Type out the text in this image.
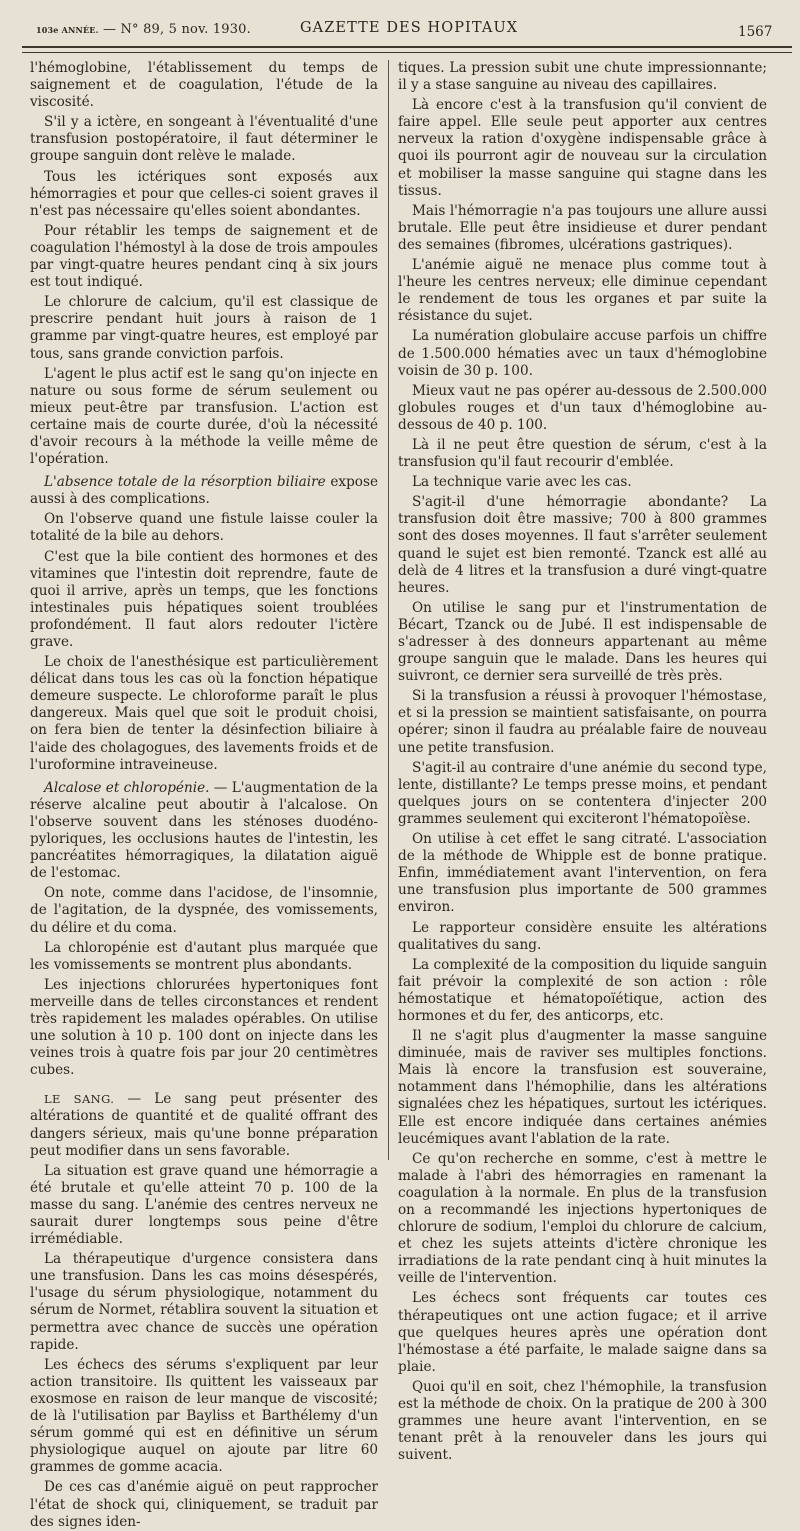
103e ANNÉE. — N° 89, 5 nov. 1930.	GAZETTE DES HOPITAUX	1567

l'hémoglobine, l'établissement du temps de saignement et de coagulation, l'étude de la viscosité.

S'il y a ictère, en songeant à l'éventualité d'une transfusion postopératoire, il faut déterminer le groupe sanguin dont relève le malade.

Tous les ictériques sont exposés aux hémorragies et pour que celles-ci soient graves il n'est pas nécessaire qu'elles soient abondantes.

Pour rétablir les temps de saignement et de coagulation l'hémostyl à la dose de trois ampoules par vingt-quatre heures pendant cinq à six jours est tout indiqué.

Le chlorure de calcium, qu'il est classique de prescrire pendant huit jours à raison de 1 gramme par vingt-quatre heures, est employé par tous, sans grande conviction parfois.

L'agent le plus actif est le sang qu'on injecte en nature ou sous forme de sérum seulement ou mieux peut-être par transfusion. L'action est certaine mais de courte durée, d'où la nécessité d'avoir recours à la méthode la veille même de l'opération.

L'absence totale de la résorption biliaire expose aussi à des complications.

On l'observe quand une fistule laisse couler la totalité de la bile au dehors.

C'est que la bile contient des hormones et des vitamines que l'intestin doit reprendre, faute de quoi il arrive, après un temps, que les fonctions intestinales puis hépatiques soient troublées profondément. Il faut alors redouter l'ictère grave.

Le choix de l'anesthésique est particulièrement délicat dans tous les cas où la fonction hépatique demeure suspecte. Le chloroforme paraît le plus dangereux. Mais quel que soit le produit choisi, on fera bien de tenter la désinfection biliaire à l'aide des cholagogues, des lavements froids et de l'uroformine intraveineuse.

Alcalose et chloropénie. — L'augmentation de la réserve alcaline peut aboutir à l'alcalose. On l'observe souvent dans les sténoses duodéno-pyloriques, les occlusions hautes de l'intestin, les pancréatites hémorragiques, la dilatation aiguë de l'estomac.

On note, comme dans l'acidose, de l'insomnie, de l'agitation, de la dyspnée, des vomissements, du délire et du coma.

La chloropénie est d'autant plus marquée que les vomissements se montrent plus abondants.

Les injections chlorurées hypertoniques font merveille dans de telles circonstances et rendent très rapidement les malades opérables. On utilise une solution à 10 p. 100 dont on injecte dans les veines trois à quatre fois par jour 20 centimètres cubes.

LE SANG. — Le sang peut présenter des altérations de quantité et de qualité offrant des dangers sérieux, mais qu'une bonne préparation peut modifier dans un sens favorable.

La situation est grave quand une hémorragie a été brutale et qu'elle atteint 70 p. 100 de la masse du sang. L'anémie des centres nerveux ne saurait durer longtemps sous peine d'être irrémédiable.

La thérapeutique d'urgence consistera dans une transfusion. Dans les cas moins désespérés, l'usage du sérum physiologique, notamment du sérum de Normet, rétablira souvent la situation et permettra avec chance de succès une opération rapide.

Les échecs des sérums s'expliquent par leur action transitoire. Ils quittent les vaisseaux par exosmose en raison de leur manque de viscosité; de là l'utilisation par Bayliss et Barthélemy d'un sérum gommé qui est en définitive un sérum physiologique auquel on ajoute par litre 60 grammes de gomme acacia.

De ces cas d'anémie aiguë on peut rapprocher l'état de shock qui, cliniquement, se traduit par des signes iden-

tiques. La pression subit une chute impressionnante; il y a stase sanguine au niveau des capillaires.

Là encore c'est à la transfusion qu'il convient de faire appel. Elle seule peut apporter aux centres nerveux la ration d'oxygène indispensable grâce à quoi ils pourront agir de nouveau sur la circulation et mobiliser la masse sanguine qui stagne dans les tissus.

Mais l'hémorragie n'a pas toujours une allure aussi brutale. Elle peut être insidieuse et durer pendant des semaines (fibromes, ulcérations gastriques).

L'anémie aiguë ne menace plus comme tout à l'heure les centres nerveux; elle diminue cependant le rendement de tous les organes et par suite la résistance du sujet.

La numération globulaire accuse parfois un chiffre de 1.500.000 hématies avec un taux d'hémoglobine voisin de 30 p. 100.

Mieux vaut ne pas opérer au-dessous de 2.500.000 globules rouges et d'un taux d'hémoglobine au-dessous de 40 p. 100.

Là il ne peut être question de sérum, c'est à la transfusion qu'il faut recourir d'emblée.

La technique varie avec les cas.

S'agit-il d'une hémorragie abondante? La transfusion doit être massive; 700 à 800 grammes sont des doses moyennes. Il faut s'arrêter seulement quand le sujet est bien remonté. Tzanck est allé au delà de 4 litres et la transfusion a duré vingt-quatre heures.

On utilise le sang pur et l'instrumentation de Bécart, Tzanck ou de Jubé. Il est indispensable de s'adresser à des donneurs appartenant au même groupe sanguin que le malade. Dans les heures qui suivront, ce dernier sera surveillé de très près.

Si la transfusion a réussi à provoquer l'hémostase, et si la pression se maintient satisfaisante, on pourra opérer; sinon il faudra au préalable faire de nouveau une petite transfusion.

S'agit-il au contraire d'une anémie du second type, lente, distillante? Le temps presse moins, et pendant quelques jours on se contentera d'injecter 200 grammes seulement qui exciteront l'hématopoïèse.

On utilise à cet effet le sang citraté. L'association de la méthode de Whipple est de bonne pratique. Enfin, immédiatement avant l'intervention, on fera une transfusion plus importante de 500 grammes environ.

Le rapporteur considère ensuite les altérations qualitatives du sang.

La complexité de la composition du liquide sanguin fait prévoir la complexité de son action : rôle hémostatique et hématopoïétique, action des hormones et du fer, des anticorps, etc.

Il ne s'agit plus d'augmenter la masse sanguine diminuée, mais de raviver ses multiples fonctions. Mais là encore la transfusion est souveraine, notamment dans l'hémophilie, dans les altérations signalées chez les hépatiques, surtout les ictériques. Elle est encore indiquée dans certaines anémies leucémiques avant l'ablation de la rate.

Ce qu'on recherche en somme, c'est à mettre le malade à l'abri des hémorragies en ramenant la coagulation à la normale. En plus de la transfusion on a recommandé les injections hypertoniques de chlorure de sodium, l'emploi du chlorure de calcium, et chez les sujets atteints d'ictère chronique les irradiations de la rate pendant cinq à huit minutes la veille de l'intervention.

Les échecs sont fréquents car toutes ces thérapeutiques ont une action fugace; et il arrive que quelques heures après une opération dont l'hémostase a été parfaite, le malade saigne dans sa plaie.

Quoi qu'il en soit, chez l'hémophile, la transfusion est la méthode de choix. On la pratique de 200 à 300 grammes une heure avant l'intervention, en se tenant prêt à la renouveler dans les jours qui suivent.
